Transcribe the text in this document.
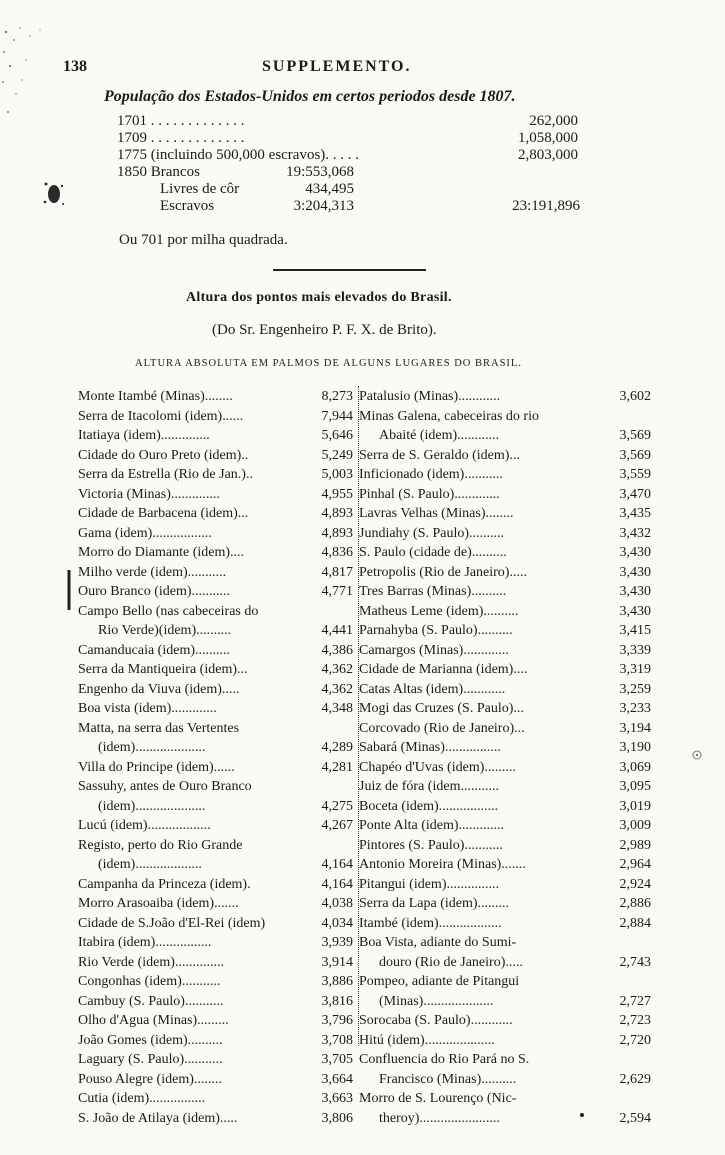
138	SUPPLEMENTO.
População dos Estados-Unidos em certos periodos desde 1807.
1701 . . . . . . . . . . . . .	262,000
1709 . . . . . . . . . . . . .	1,058,000
1775 (incluindo 500,000 escravos). . . . .	2,803,000
1850 Brancos	19:553,068
Livres de côr	434,495
Escravos	3:204,313	23:191,896
Ou 701 por milha quadrada.
Altura dos pontos mais elevados do Brasil.
(Do Sr. Engenheiro P. F. X. de Brito).
ALTURA ABSOLUTA EM PALMOS DE ALGUNS LUGARES DO BRASIL.
Monte Itambé (Minas)........	8,273
Serra de Itacolomi (idem)......	7,944
Itatiaya (idem)..............	5,646
Cidade do Ouro Preto (idem)..	5,249
Serra da Estrella (Rio de Jan.)..	5,003
Victoria (Minas)..............	4,955
Cidade de Barbacena (idem)...	4,893
Gama (idem).................	4,893
Morro do Diamante (idem)....	4,836
Milho verde (idem)...........	4,817
Ouro Branco (idem)...........	4,771
Campo Bello (nas cabeceiras do
Rio Verde)(idem)..........	4,441
Camanducaia (idem)..........	4,386
Serra da Mantiqueira (idem)...	4,362
Engenho da Viuva (idem).....	4,362
Boa vista (idem).............	4,348
Matta, na serra das Vertentes
(idem)....................	4,289
Villa do Principe (idem)......	4,281
Sassuhy, antes de Ouro Branco
(idem)....................	4,275
Lucú (idem)..................	4,267
Registo, perto do Rio Grande
(idem)...................	4,164
Campanha da Princeza (idem).	4,164
Morro Arasoaiba (idem).......	4,038
Cidade de S.João d'El-Rei (idem)	4,034
Itabira (idem)................	3,939
Rio Verde (idem)..............	3,914
Congonhas (idem)...........	3,886
Cambuy (S. Paulo)...........	3,816
Olho d'Agua (Minas).........	3,796
João Gomes (idem)..........	3,708
Laguary (S. Paulo)...........	3,705
Pouso Alegre (idem)........	3,664
Cutia (idem)................	3,663
S. João de Atilaya (idem).....	3,806
Patalusio (Minas)............	3,602
Minas Galena, cabeceiras do rio
Abaité (idem)............	3,569
Serra de S. Geraldo (idem)...	3,569
Inficionado (idem)...........	3,559
Pinhal (S. Paulo).............	3,470
Lavras Velhas (Minas)........	3,435
Jundiahy (S. Paulo)..........	3,432
S. Paulo (cidade de)..........	3,430
Petropolis (Rio de Janeiro).....	3,430
Tres Barras (Minas)..........	3,430
Matheus Leme (idem)..........	3,430
Parnahyba (S. Paulo)..........	3,415
Camargos (Minas).............	3,339
Cidade de Marianna (idem)....	3,319
Catas Altas (idem)............	3,259
Mogi das Cruzes (S. Paulo)...	3,233
Corcovado (Rio de Janeiro)...	3,194
Sabará (Minas)................	3,190
Chapéo d'Uvas (idem).........	3,069
Juiz de fóra (idem...........	3,095
Boceta (idem).................	3,019
Ponte Alta (idem).............	3,009
Pintores (S. Paulo)...........	2,989
Antonio Moreira (Minas).......	2,964
Pitangui (idem)...............	2,924
Serra da Lapa (idem).........	2,886
Itambé (idem)..................	2,884
Boa Vista, adiante do Sumi-
douro (Rio de Janeiro).....	2,743
Pompeo, adiante de Pitangui
(Minas)....................	2,727
Sorocaba (S. Paulo)............	2,723
Hitú (idem)....................	2,720
Confluencia do Rio Pará no S.
Francisco (Minas)..........	2,629
Morro de S. Lourenço (Nic-
theroy).......................	2,594
